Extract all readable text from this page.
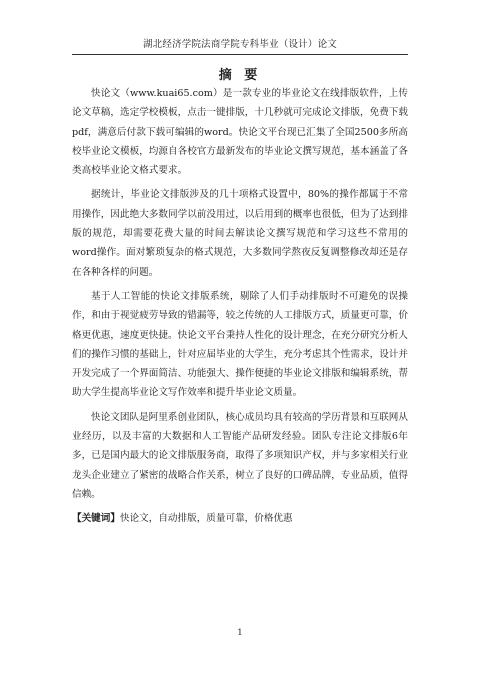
湖北经济学院法商学院专科毕业（设计）论文
摘 要

快论文（www.kuai65.com）是一款专业的毕业论文在线排版软件，上传论文草稿，选定学校模板，点击一键排版，十几秒就可完成论文排版，免费下载pdf，满意后付款下载可编辑的word。快论文平台现已汇集了全国2500多所高校毕业论文模板，均源自各校官方最新发布的毕业论文撰写规范，基本涵盖了各类高校毕业论文格式要求。

据统计，毕业论文排版涉及的几十项格式设置中，80%的操作都属于不常用操作，因此绝大多数同学以前没用过，以后用到的概率也很低，但为了达到排版的规范，却需要花费大量的时间去解读论文撰写规范和学习这些不常用的word操作。面对繁琐复杂的格式规范，大多数同学熬夜反复调整修改却还是存在各种各样的问题。

基于人工智能的快论文排版系统，剔除了人们手动排版时不可避免的误操作，和由于视觉疲劳导致的错漏等，较之传统的人工排版方式，质量更可靠，价格更优惠，速度更快捷。快论文平台秉持人性化的设计理念，在充分研究分析人们的操作习惯的基础上，针对应届毕业的大学生，充分考虑其个性需求，设计并开发完成了一个界面简洁、功能强大、操作便捷的毕业论文排版和编辑系统，帮助大学生提高毕业论文写作效率和提升毕业论文质量。

快论文团队是阿里系创业团队，核心成员均具有较高的学历背景和互联网从业经历，以及丰富的大数据和人工智能产品研发经验。团队专注论文排版6年多，已是国内最大的论文排版服务商，取得了多项知识产权，并与多家相关行业龙头企业建立了紧密的战略合作关系，树立了良好的口碑品牌，专业品质，值得信赖。

【关键词】快论文，自动排版，质量可靠，价格优惠

1
